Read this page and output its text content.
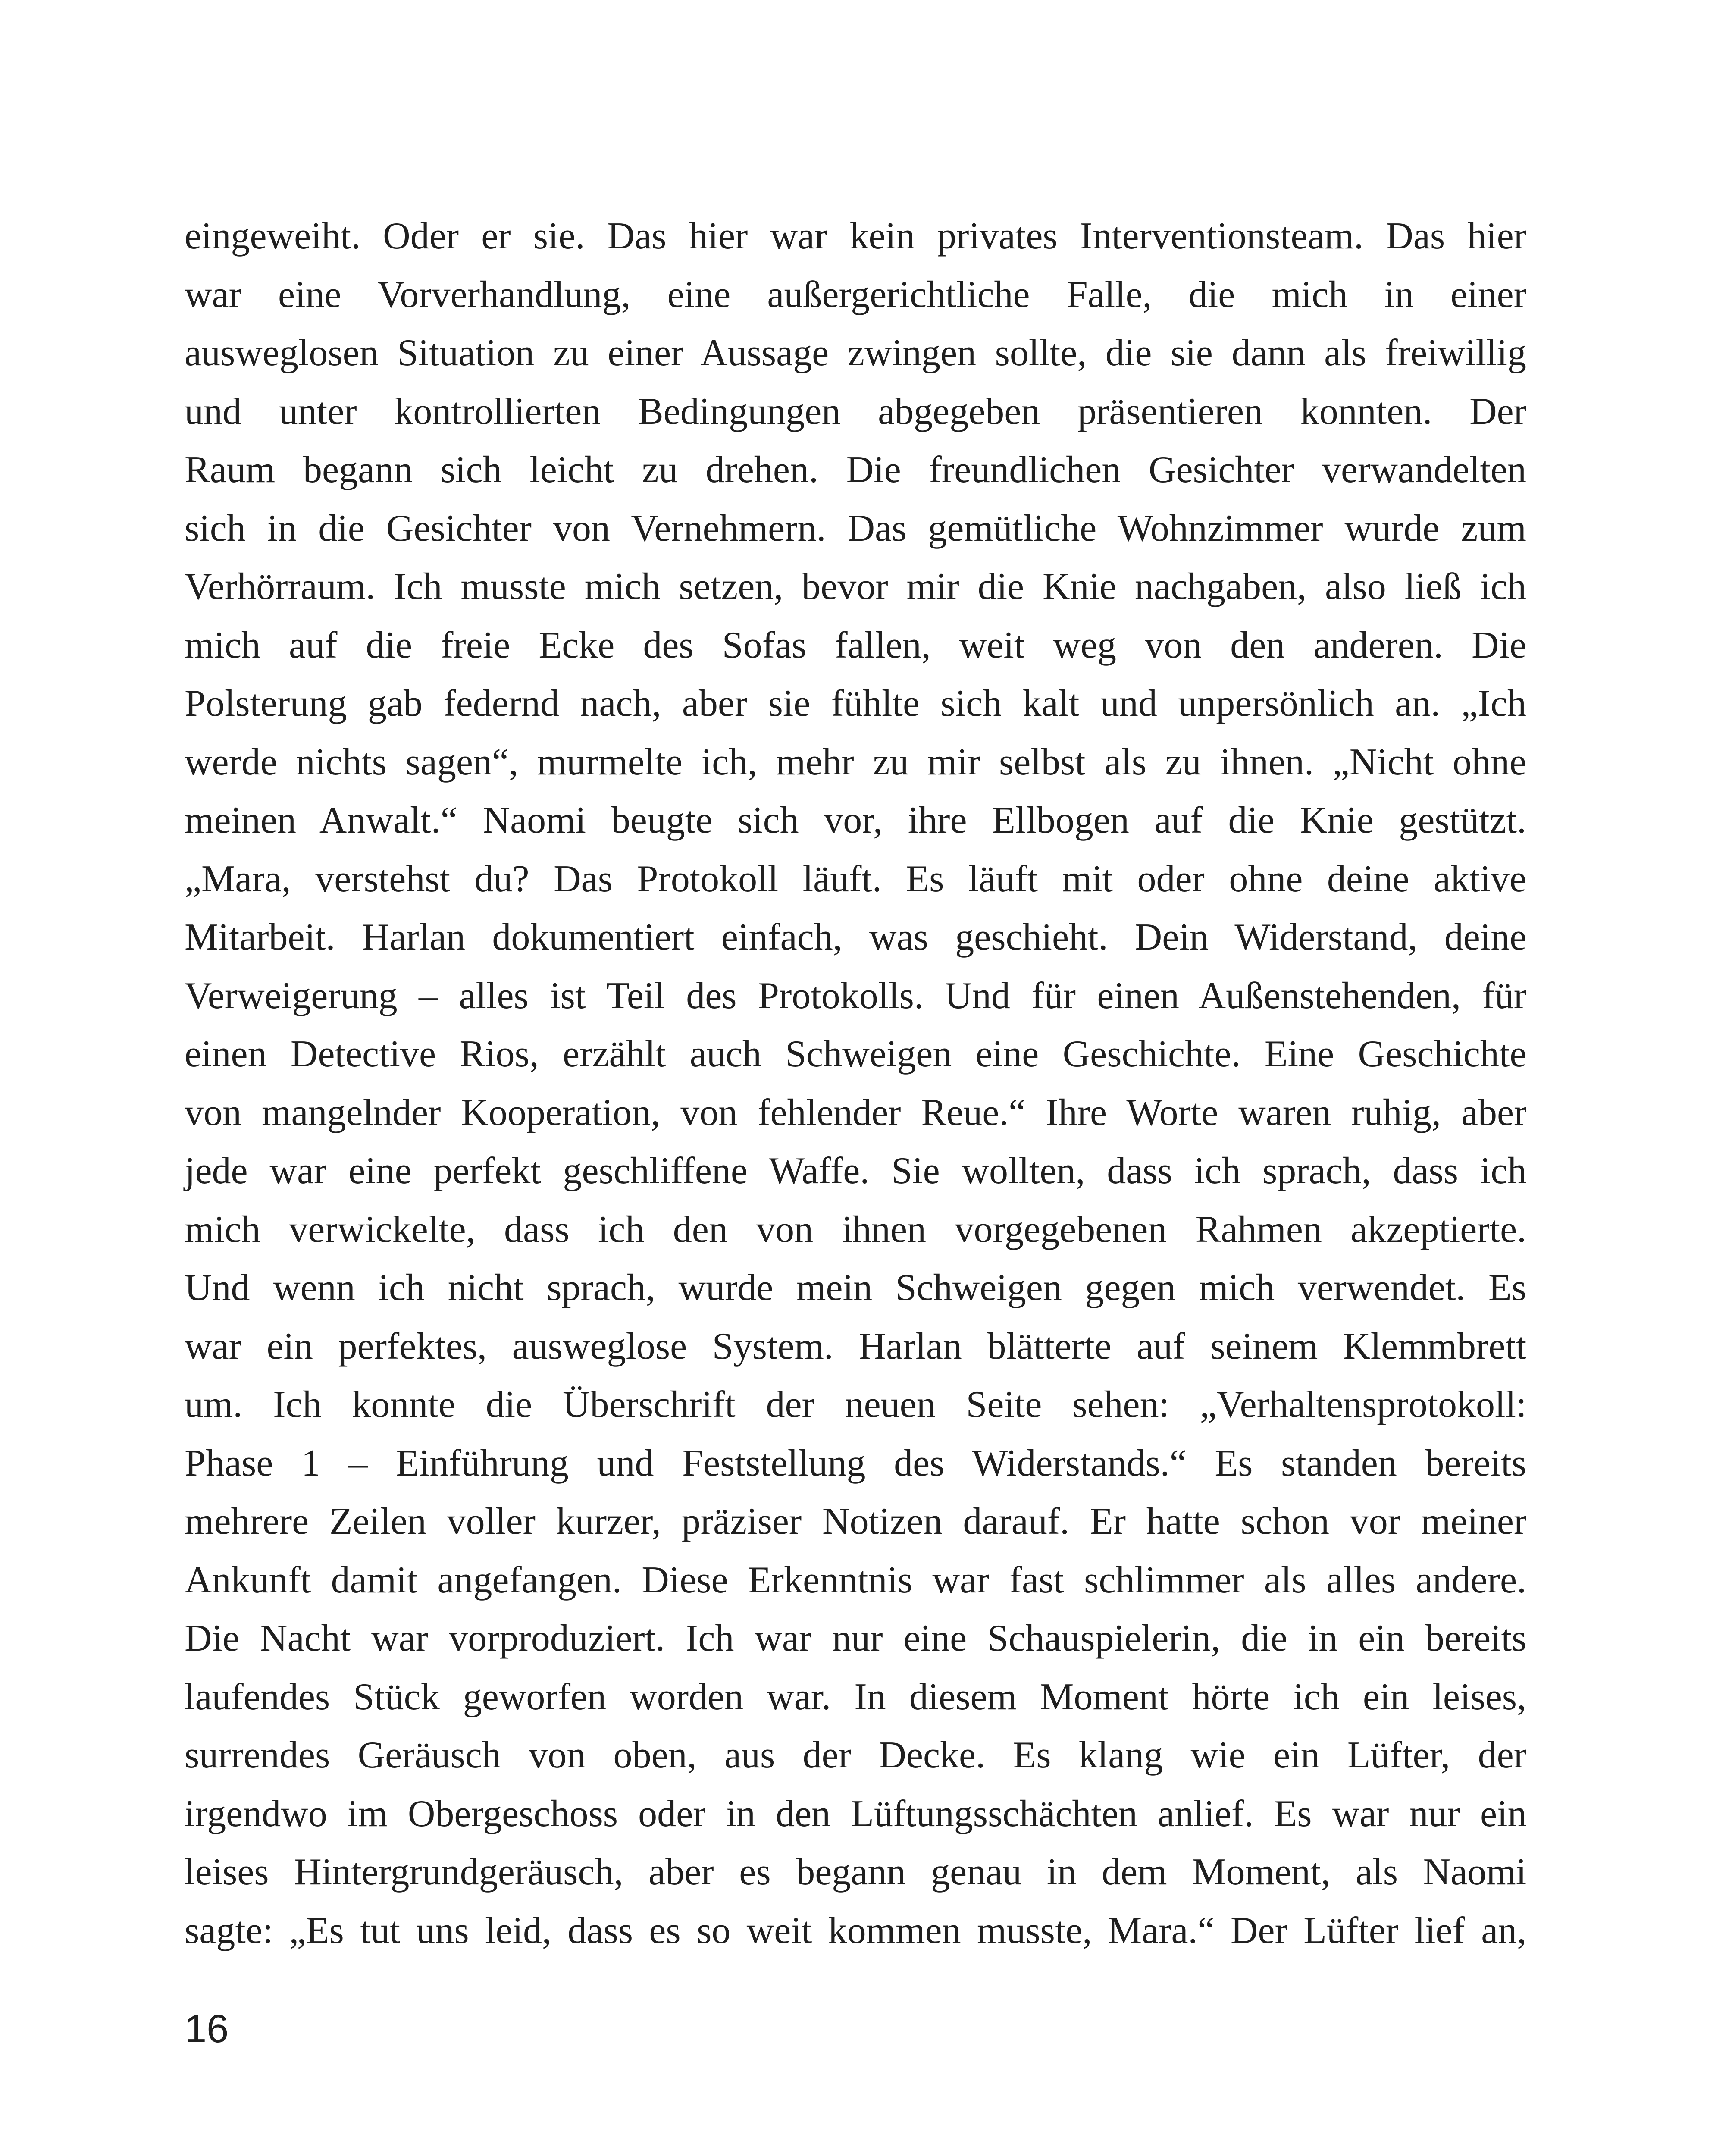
eingeweiht. Oder er sie. Das hier war kein privates Interventionsteam. Das hier
war eine Vorverhandlung, eine außergerichtliche Falle, die mich in einer
ausweglosen Situation zu einer Aussage zwingen sollte, die sie dann als freiwillig
und unter kontrollierten Bedingungen abgegeben präsentieren konnten. Der
Raum begann sich leicht zu drehen. Die freundlichen Gesichter verwandelten
sich in die Gesichter von Vernehmern. Das gemütliche Wohnzimmer wurde zum
Verhörraum. Ich musste mich setzen, bevor mir die Knie nachgaben, also ließ ich
mich auf die freie Ecke des Sofas fallen, weit weg von den anderen. Die
Polsterung gab federnd nach, aber sie fühlte sich kalt und unpersönlich an. „Ich
werde nichts sagen“, murmelte ich, mehr zu mir selbst als zu ihnen. „Nicht ohne
meinen Anwalt.“ Naomi beugte sich vor, ihre Ellbogen auf die Knie gestützt.
„Mara, verstehst du? Das Protokoll läuft. Es läuft mit oder ohne deine aktive
Mitarbeit. Harlan dokumentiert einfach, was geschieht. Dein Widerstand, deine
Verweigerung – alles ist Teil des Protokolls. Und für einen Außenstehenden, für
einen Detective Rios, erzählt auch Schweigen eine Geschichte. Eine Geschichte
von mangelnder Kooperation, von fehlender Reue.“ Ihre Worte waren ruhig, aber
jede war eine perfekt geschliffene Waffe. Sie wollten, dass ich sprach, dass ich
mich verwickelte, dass ich den von ihnen vorgegebenen Rahmen akzeptierte.
Und wenn ich nicht sprach, wurde mein Schweigen gegen mich verwendet. Es
war ein perfektes, ausweglose System. Harlan blätterte auf seinem Klemmbrett
um. Ich konnte die Überschrift der neuen Seite sehen: „Verhaltensprotokoll:
Phase 1 – Einführung und Feststellung des Widerstands.“ Es standen bereits
mehrere Zeilen voller kurzer, präziser Notizen darauf. Er hatte schon vor meiner
Ankunft damit angefangen. Diese Erkenntnis war fast schlimmer als alles andere.
Die Nacht war vorproduziert. Ich war nur eine Schauspielerin, die in ein bereits
laufendes Stück geworfen worden war. In diesem Moment hörte ich ein leises,
surrendes Geräusch von oben, aus der Decke. Es klang wie ein Lüfter, der
irgendwo im Obergeschoss oder in den Lüftungsschächten anlief. Es war nur ein
leises Hintergrundgeräusch, aber es begann genau in dem Moment, als Naomi
sagte: „Es tut uns leid, dass es so weit kommen musste, Mara.“ Der Lüfter lief an,
16
